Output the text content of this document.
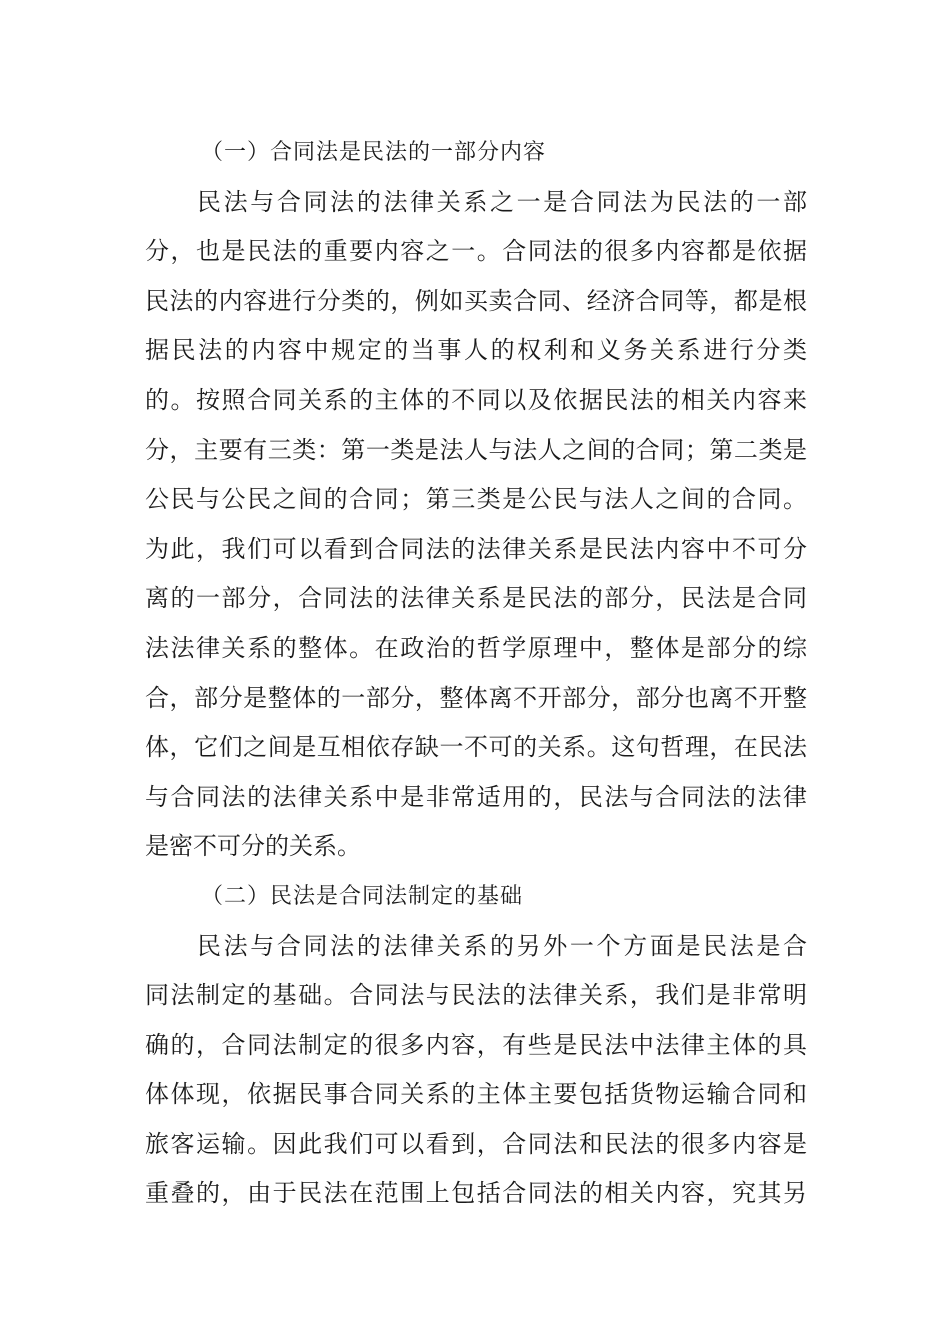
（一）合同法是民法的一部分内容

民法与合同法的法律关系之一是合同法为民法的一部

分，也是民法的重要内容之一。合同法的很多内容都是依据

民法的内容进行分类的，例如买卖合同、经济合同等，都是根

据民法的内容中规定的当事人的权利和义务关系进行分类

的。按照合同关系的主体的不同以及依据民法的相关内容来

分，主要有三类：第一类是法人与法人之间的合同；第二类是

公民与公民之间的合同；第三类是公民与法人之间的合同。

为此，我们可以看到合同法的法律关系是民法内容中不可分

离的一部分，合同法的法律关系是民法的部分，民法是合同

法法律关系的整体。在政治的哲学原理中，整体是部分的综

合，部分是整体的一部分，整体离不开部分，部分也离不开整

体，它们之间是互相依存缺一不可的关系。这句哲理，在民法

与合同法的法律关系中是非常适用的，民法与合同法的法律

是密不可分的关系。

（二）民法是合同法制定的基础

民法与合同法的法律关系的另外一个方面是民法是合

同法制定的基础。合同法与民法的法律关系，我们是非常明

确的，合同法制定的很多内容，有些是民法中法律主体的具

体体现，依据民事合同关系的主体主要包括货物运输合同和

旅客运输。因此我们可以看到，合同法和民法的很多内容是

重叠的，由于民法在范围上包括合同法的相关内容，究其另
